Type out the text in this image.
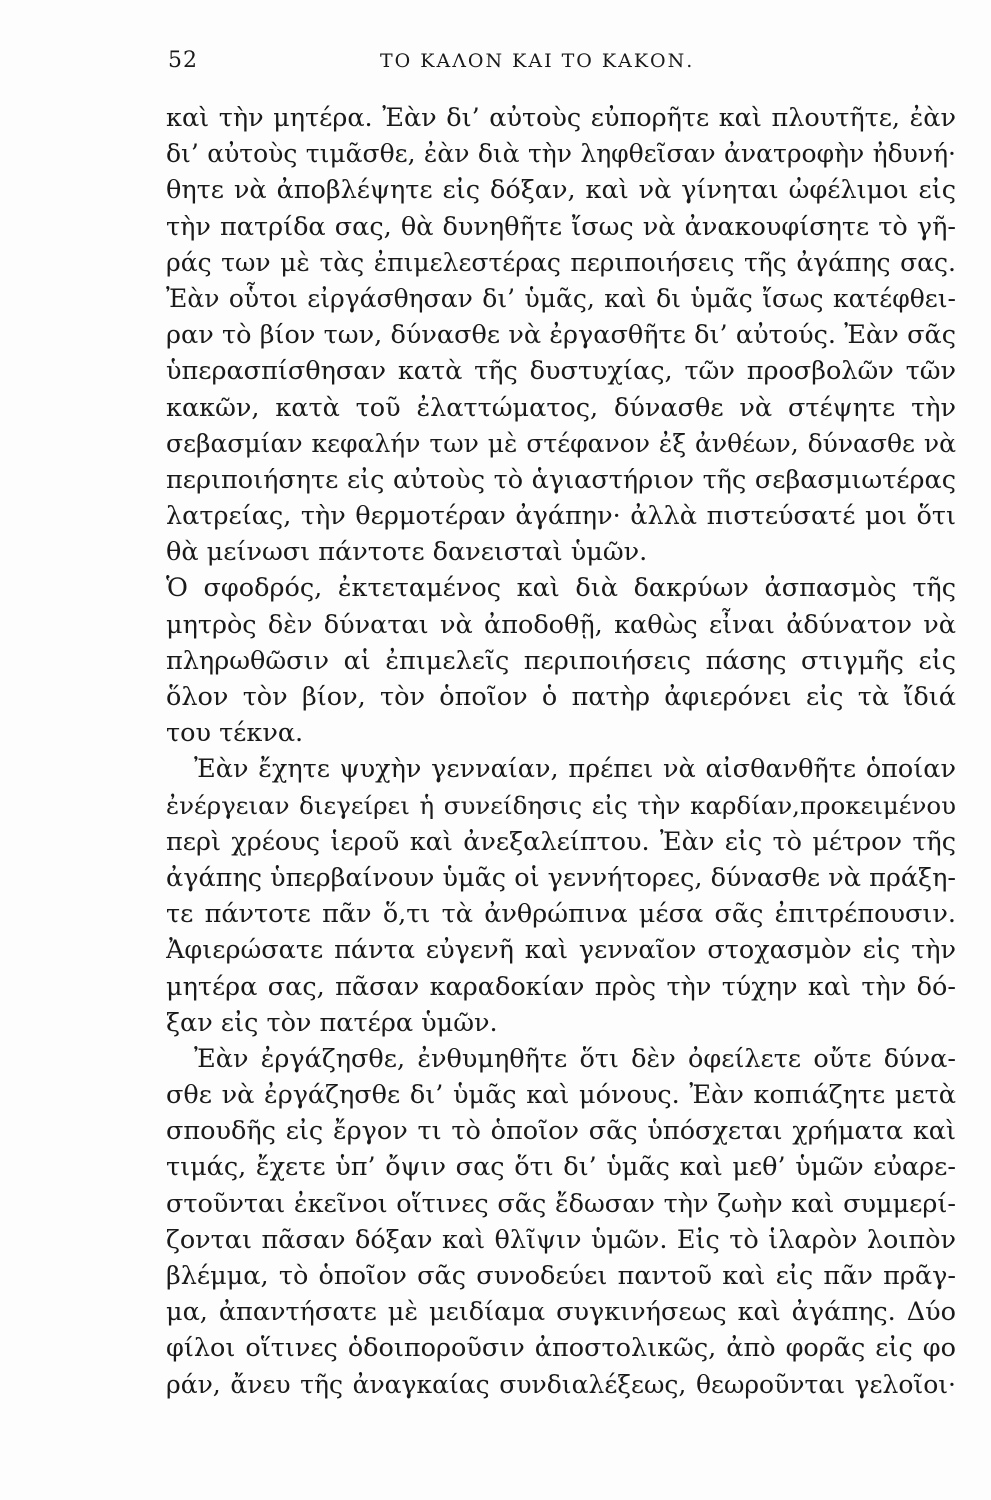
52	ΤΟ ΚΑΛΟΝ ΚΑΙ ΤΟ ΚΑΚΟΝ.
καὶ τὴν μητέρα. Ἐὰν δι’ αὐτοὺς εὐπορῆτε καὶ πλουτῆτε, ἐὰν
δι’ αὐτοὺς τιμᾶσθε, ἐὰν διὰ τὴν ληφθεῖσαν ἀνατροφὴν ἠδυνή·
θητε νὰ ἀποβλέψητε εἰς δόξαν, καὶ νὰ γίνηται ὠφέλιμοι εἰς
τὴν πατρίδα σας, θὰ δυνηθῆτε ἴσως νὰ ἀνακουφίσητε τὸ γῆ-
ράς των μὲ τὰς ἐπιμελεστέρας περιποιήσεις τῆς ἀγάπης σας.
Ἐὰν οὗτοι εἰργάσθησαν δι’ ὑμᾶς, καὶ δι ὑμᾶς ἴσως κατέφθει-
ραν τὸ βίον των, δύνασθε νὰ ἐργασθῆτε δι’ αὐτούς. Ἐὰν σᾶς
ὑπερασπίσθησαν κατὰ τῆς δυστυχίας, τῶν προσβολῶν τῶν
κακῶν, κατὰ τοῦ ἐλαττώματος, δύνασθε νὰ στέψητε τὴν
σεβασμίαν κεφαλήν των μὲ στέφανον ἐξ ἀνθέων, δύνασθε νὰ
περιποιήσητε εἰς αὐτοὺς τὸ ἁγιαστήριον τῆς σεβασμιωτέρας
λατρείας, τὴν θερμοτέραν ἀγάπην· ἀλλὰ πιστεύσατέ μοι ὅτι
θὰ μείνωσι πάντοτε δανεισταὶ ὑμῶν.
Ὁ σφοδρός, ἐκτεταμένος καὶ διὰ δακρύων ἀσπασμὸς τῆς
μητρὸς δὲν δύναται νὰ ἀποδοθῇ, καθὼς εἶναι ἀδύνατον νὰ
πληρωθῶσιν αἱ ἐπιμελεῖς περιποιήσεις πάσης στιγμῆς εἰς
ὅλον τὸν βίον, τὸν ὁποῖον ὁ πατὴρ ἀφιερόνει εἰς τὰ ἴδιά
του τέκνα.
Ἐὰν ἔχητε ψυχὴν γενναίαν, πρέπει νὰ αἰσθανθῆτε ὁποίαν
ἐνέργειαν διεγείρει ἡ συνείδησις εἰς τὴν καρδίαν,προκειμένου
περὶ χρέους ἱεροῦ καὶ ἀνεξαλείπτου. Ἐὰν εἰς τὸ μέτρον τῆς
ἀγάπης ὑπερβαίνουν ὑμᾶς οἱ γεννήτορες, δύνασθε νὰ πράξη-
τε πάντοτε πᾶν ὅ,τι τὰ ἀνθρώπινα μέσα σᾶς ἐπιτρέπουσιν.
Ἀφιερώσατε πάντα εὐγενῆ καὶ γενναῖον στοχασμὸν εἰς τὴν
μητέρα σας, πᾶσαν καραδοκίαν πρὸς τὴν τύχην καὶ τὴν δό-
ξαν εἰς τὸν πατέρα ὑμῶν.
Ἐὰν ἐργάζησθε, ἐνθυμηθῆτε ὅτι δὲν ὀφείλετε οὔτε δύνα-
σθε νὰ ἐργάζησθε δι’ ὑμᾶς καὶ μόνους. Ἐὰν κοπιάζητε μετὰ
σπουδῆς εἰς ἔργον τι τὸ ὁποῖον σᾶς ὑπόσχεται χρήματα καὶ
τιμάς, ἔχετε ὑπ’ ὄψιν σας ὅτι δι’ ὑμᾶς καὶ μεθ’ ὑμῶν εὐαρε-
στοῦνται ἐκεῖνοι οἵτινες σᾶς ἔδωσαν τὴν ζωὴν καὶ συμμερί-
ζονται πᾶσαν δόξαν καὶ θλῖψιν ὑμῶν. Εἰς τὸ ἱλαρὸν λοιπὸν
βλέμμα, τὸ ὁποῖον σᾶς συνοδεύει παντοῦ καὶ εἰς πᾶν πρᾶγ-
μα, ἀπαντήσατε μὲ μειδίαμα συγκινήσεως καὶ ἀγάπης. Δύο
φίλοι οἵτινες ὁδοιποροῦσιν ἀποστολικῶς, ἀπὸ φορᾶς εἰς φο
ράν, ἄνευ τῆς ἀναγκαίας συνδιαλέξεως, θεωροῦνται γελοῖοι·
